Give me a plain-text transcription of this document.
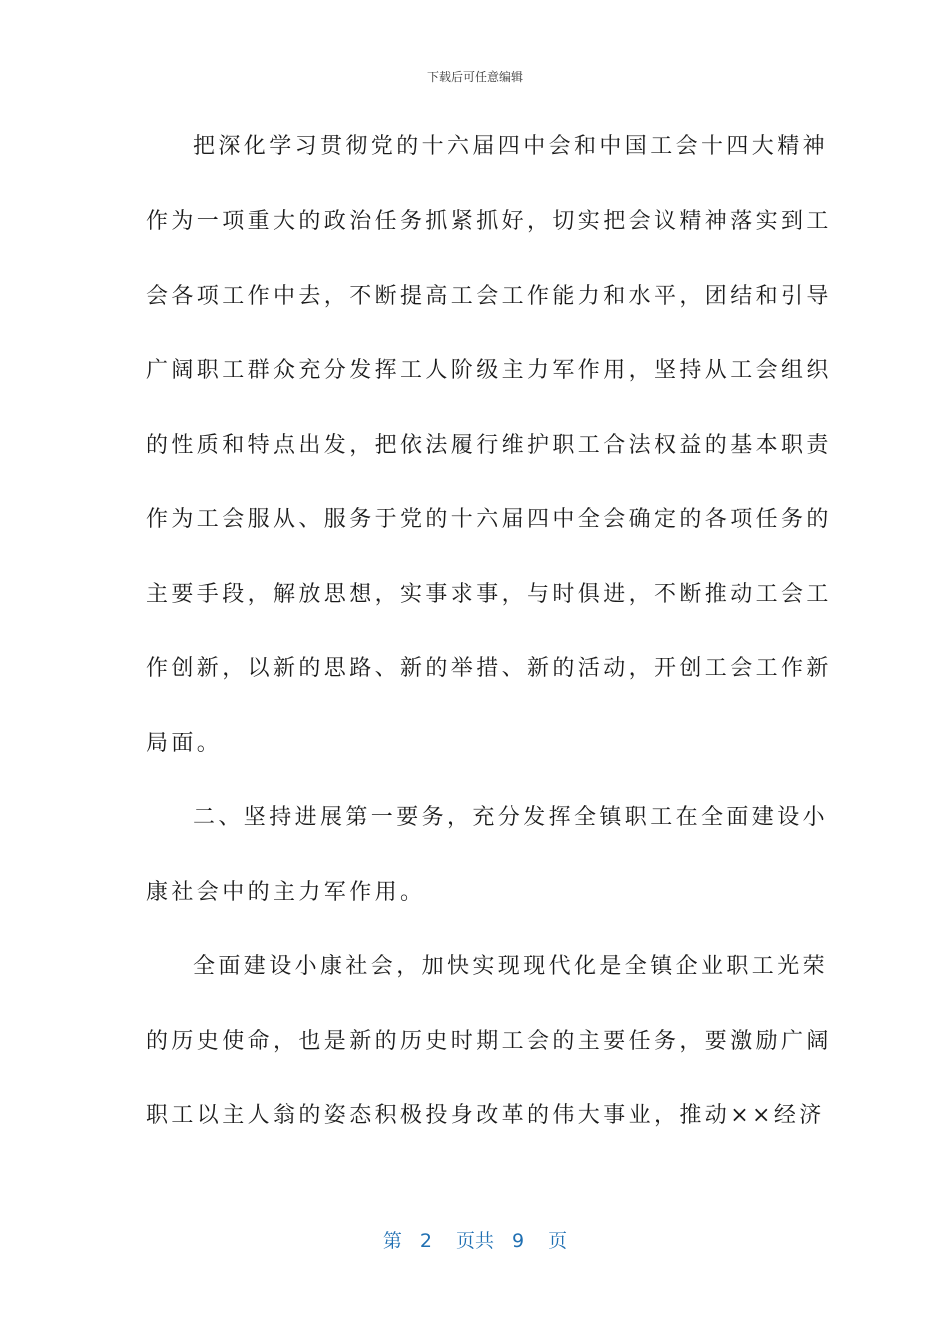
下载后可任意编辑
把深化学习贯彻党的十六届四中会和中国工会十四大精神
作为一项重大的政治任务抓紧抓好，切实把会议精神落实到工
会各项工作中去，不断提高工会工作能力和水平，团结和引导
广阔职工群众充分发挥工人阶级主力军作用，坚持从工会组织
的性质和特点出发，把依法履行维护职工合法权益的基本职责
作为工会服从、服务于党的十六届四中全会确定的各项任务的
主要手段，解放思想，实事求事，与时俱进，不断推动工会工
作创新，以新的思路、新的举措、新的活动，开创工会工作新
局面。
二、坚持进展第一要务，充分发挥全镇职工在全面建设小
康社会中的主力军作用。
全面建设小康社会，加快实现现代化是全镇企业职工光荣
的历史使命，也是新的历史时期工会的主要任务，要激励广阔
职工以主人翁的姿态积极投身改革的伟大事业，推动××经济
第 2 页共 9 页
